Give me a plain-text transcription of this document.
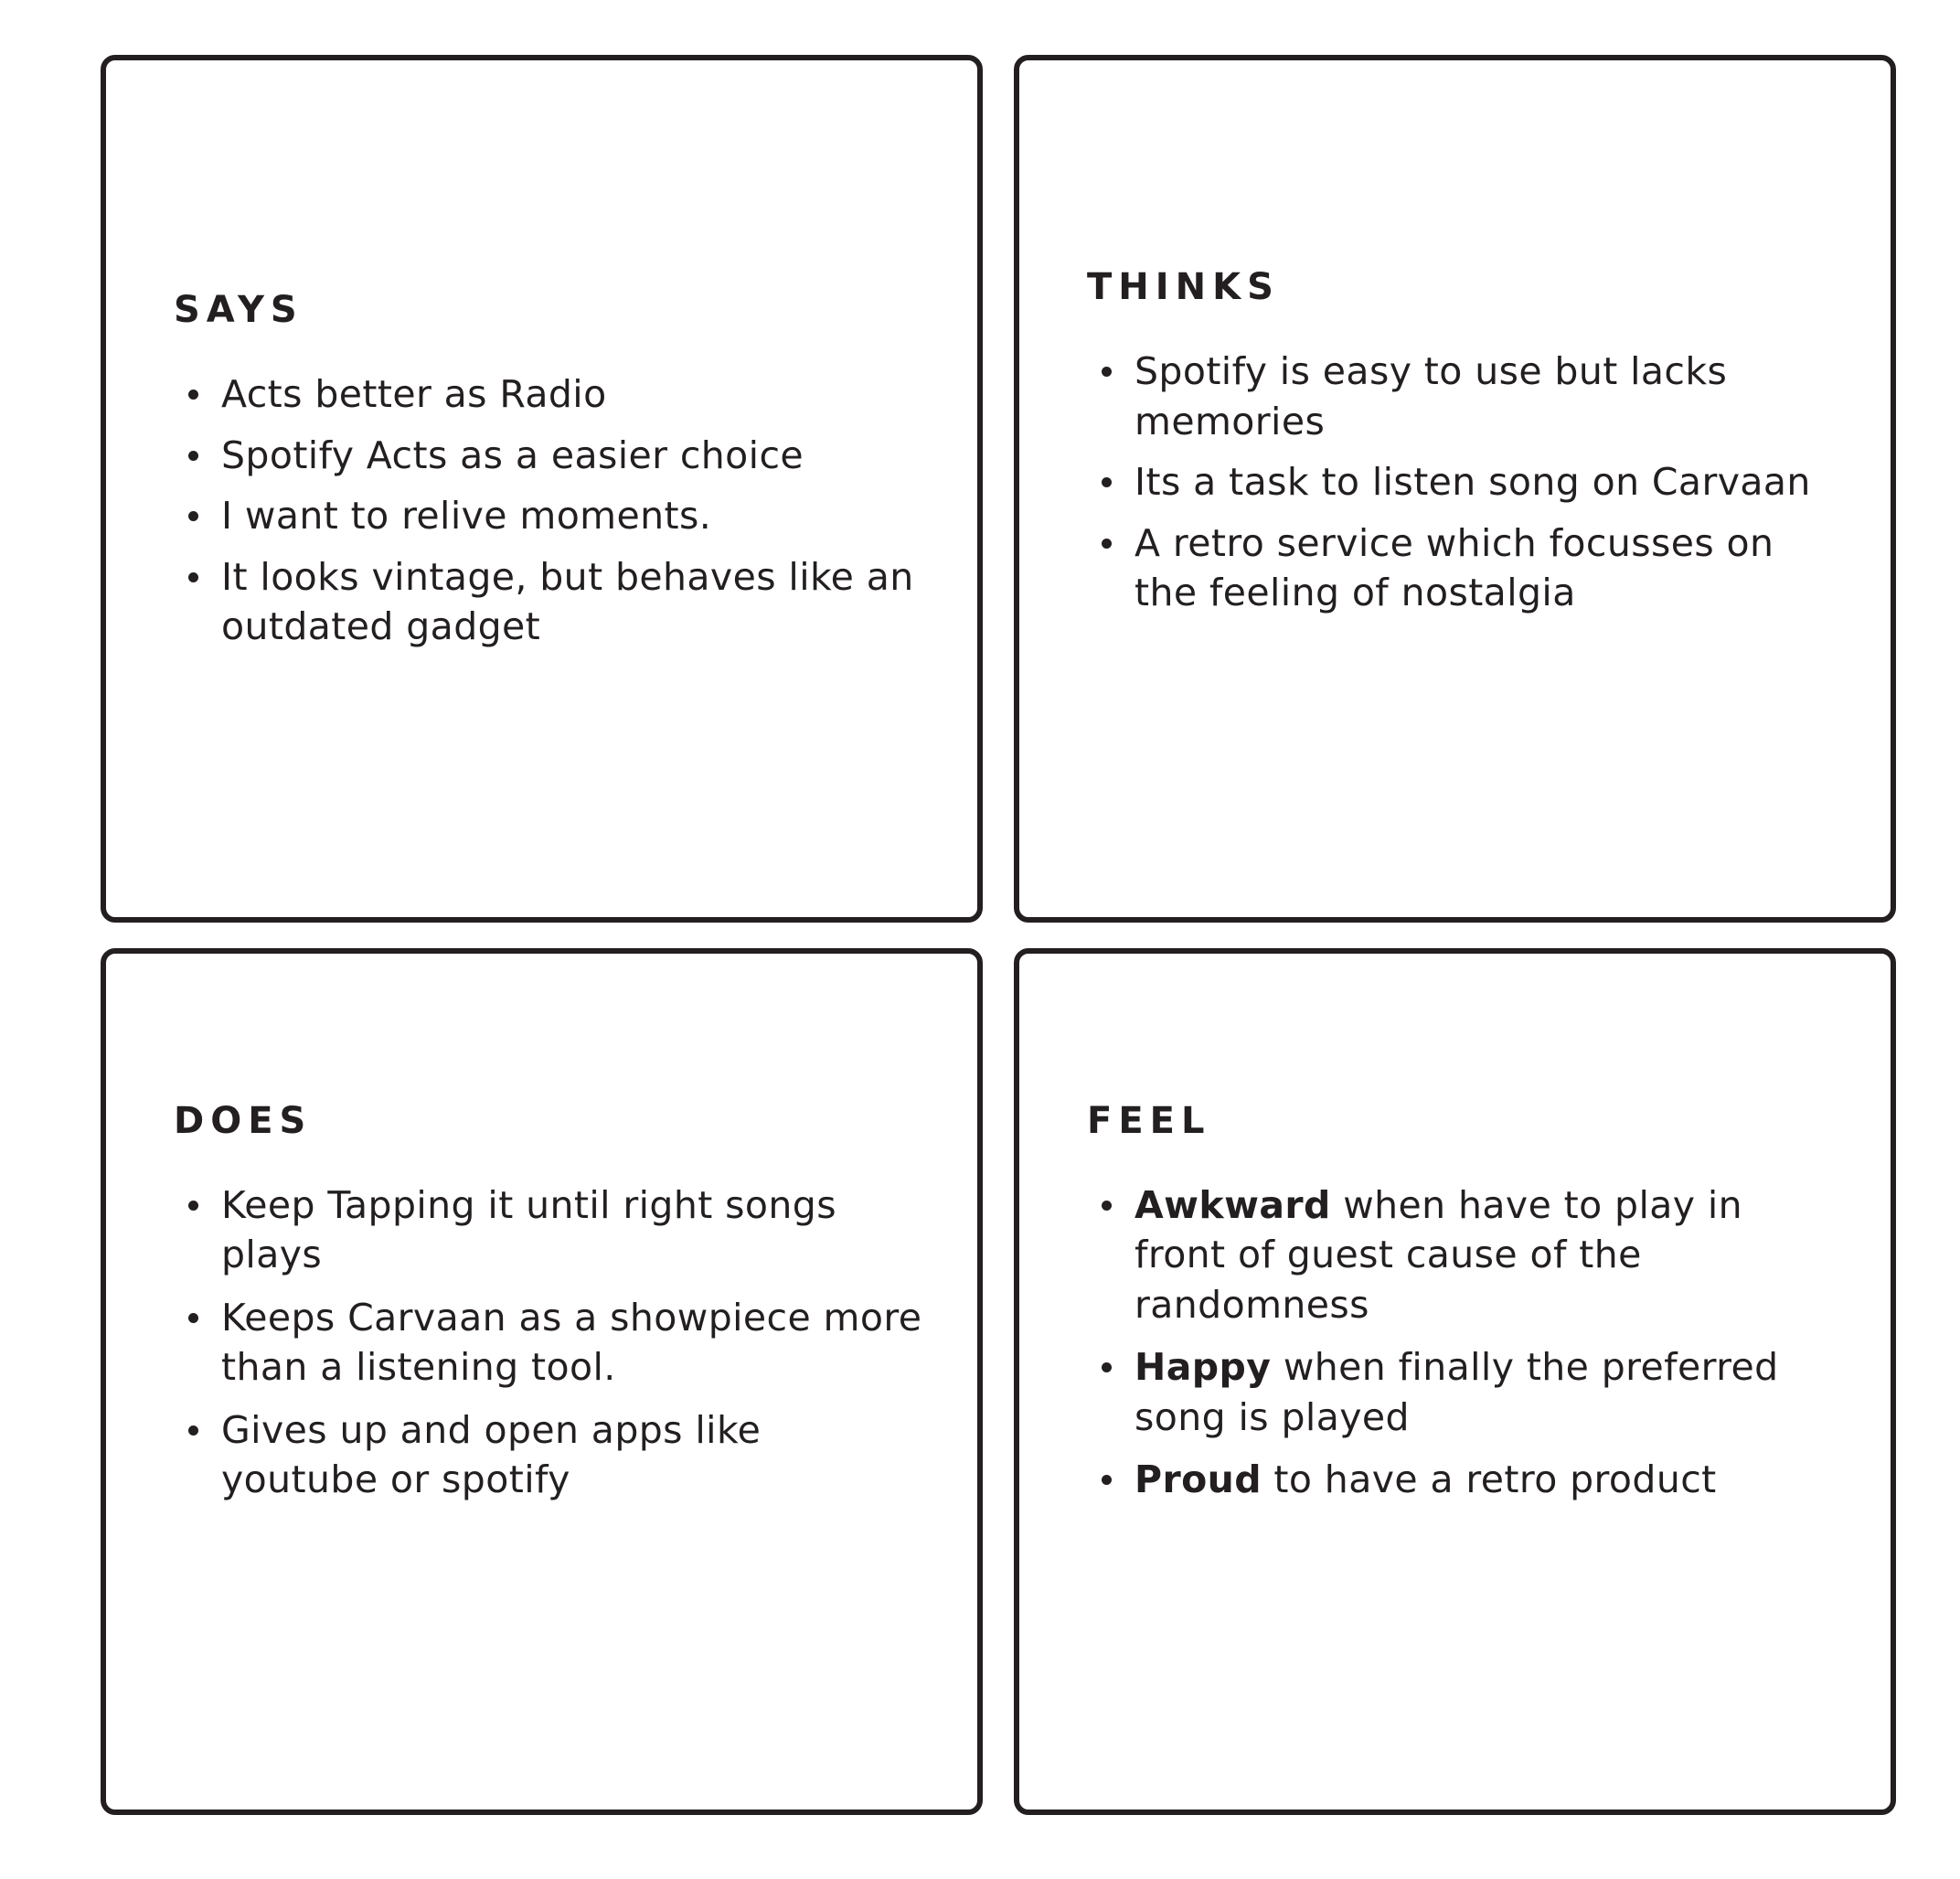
SAYS
Acts better as Radio
Spotify Acts as a easier choice
I want to relive moments.
It looks vintage, but behaves like an outdated gadget
THINKS
Spotify is easy to use but lacks memories
Its a task to listen song on Carvaan
A retro service which focusses on the feeling of nostalgia
DOES
Keep Tapping it until right songs plays
Keeps Carvaan as a showpiece more than a listening tool.
Gives up and open apps like youtube or spotify
FEEL
Awkward when have to play in front of guest cause of the randomness
Happy when finally the preferred song is played
Proud to have a retro product
